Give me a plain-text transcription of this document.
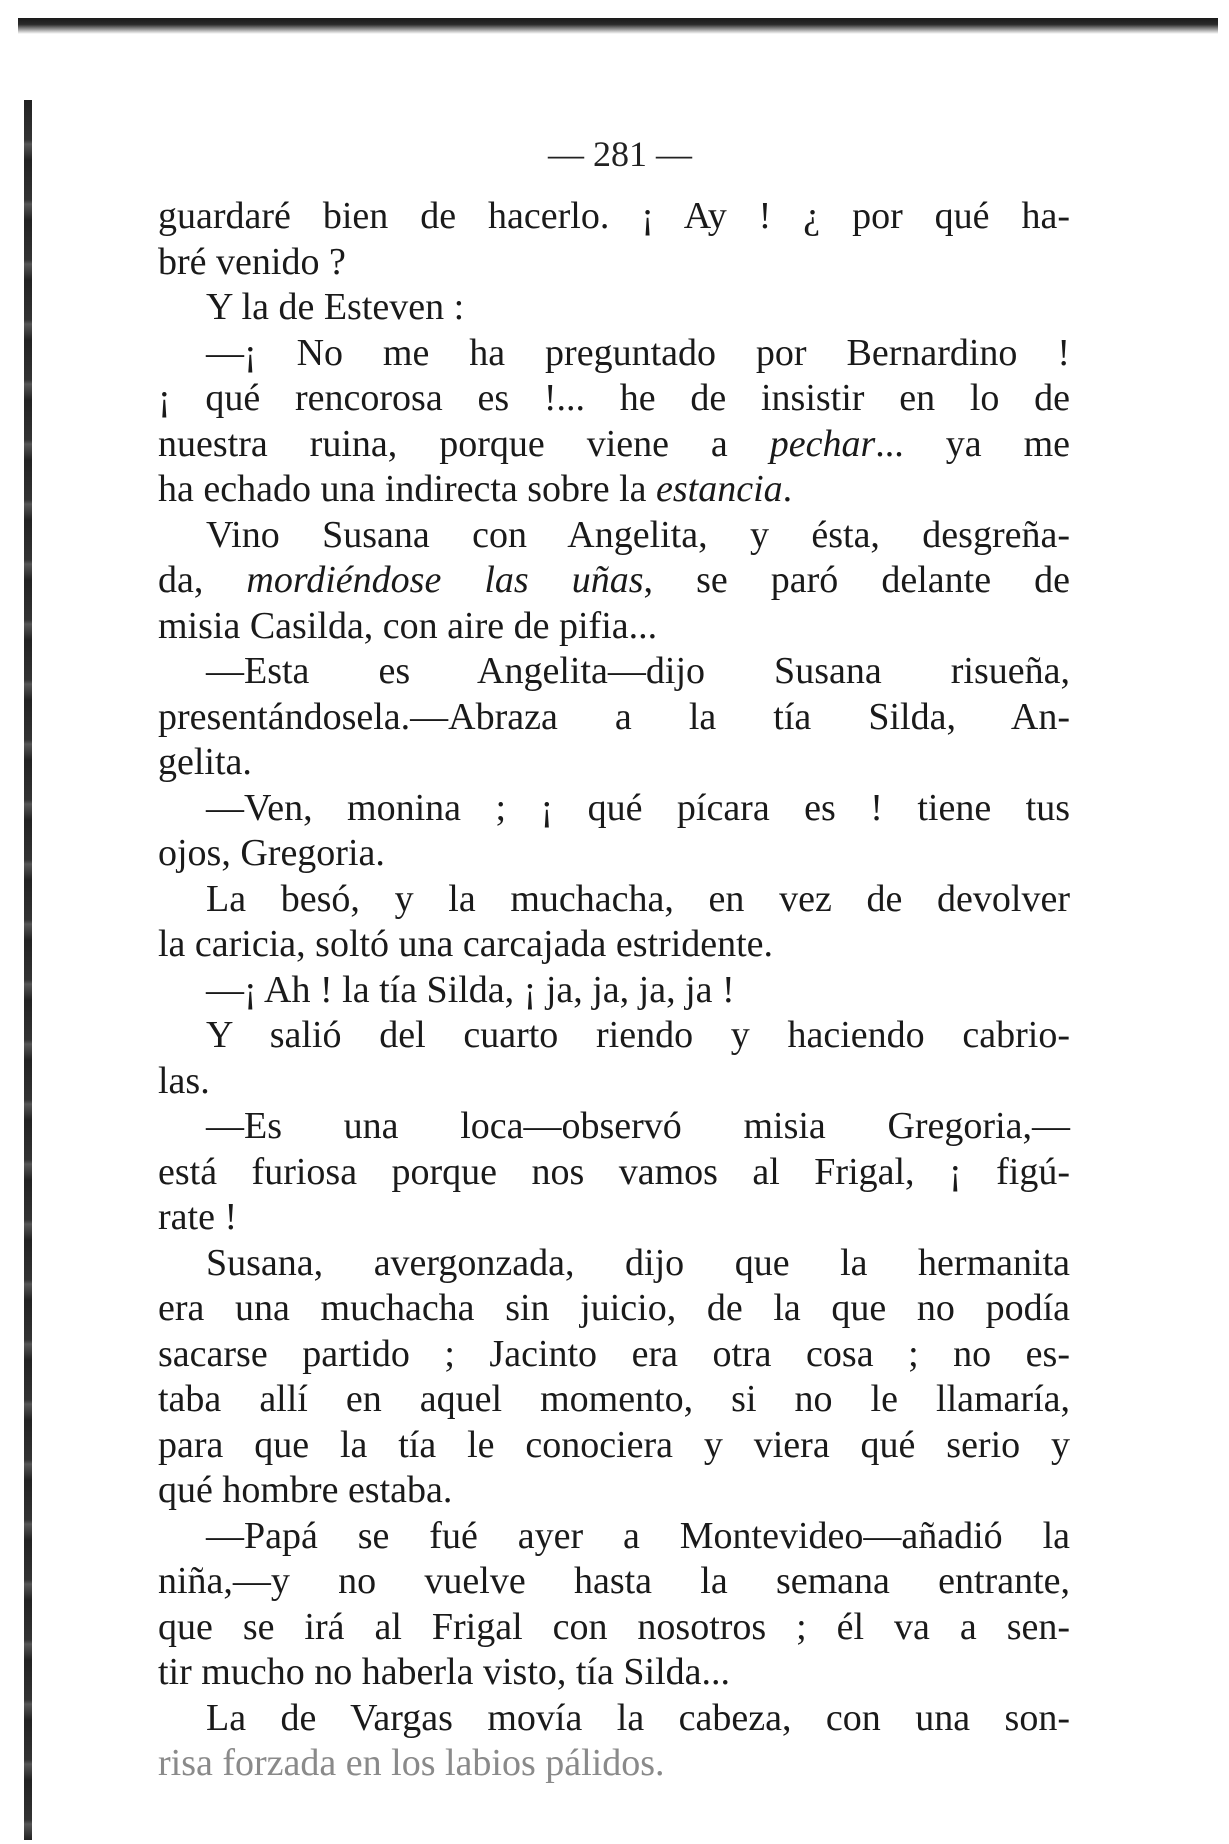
— 281 —
guardaré bien de hacerlo. ¡ Ay ! ¿ por qué ha-
bré venido ?
Y la de Esteven :
—¡ No me ha preguntado por Bernardino !
¡ qué rencorosa es !... he de insistir en lo de
nuestra ruina, porque viene a pechar... ya me
ha echado una indirecta sobre la estancia.
Vino Susana con Angelita, y ésta, desgreña-
da, mordiéndose las uñas, se paró delante de
misia Casilda, con aire de pifia...
—Esta es Angelita—dijo Susana risueña,
presentándosela.—Abraza a la tía Silda, An-
gelita.
—Ven, monina ; ¡ qué pícara es ! tiene tus
ojos, Gregoria.
La besó, y la muchacha, en vez de devolver
la caricia, soltó una carcajada estridente.
—¡ Ah ! la tía Silda, ¡ ja, ja, ja, ja !
Y salió del cuarto riendo y haciendo cabrio-
las.
—Es una loca—observó misia Gregoria,—
está furiosa porque nos vamos al Frigal, ¡ figú-
rate !
Susana, avergonzada, dijo que la hermanita
era una muchacha sin juicio, de la que no podía
sacarse partido ; Jacinto era otra cosa ; no es-
taba allí en aquel momento, si no le llamaría,
para que la tía le conociera y viera qué serio y
qué hombre estaba.
—Papá se fué ayer a Montevideo—añadió la
niña,—y no vuelve hasta la semana entrante,
que se irá al Frigal con nosotros ; él va a sen-
tir mucho no haberla visto, tía Silda...
La de Vargas movía la cabeza, con una son-
risa forzada en los labios pálidos.
